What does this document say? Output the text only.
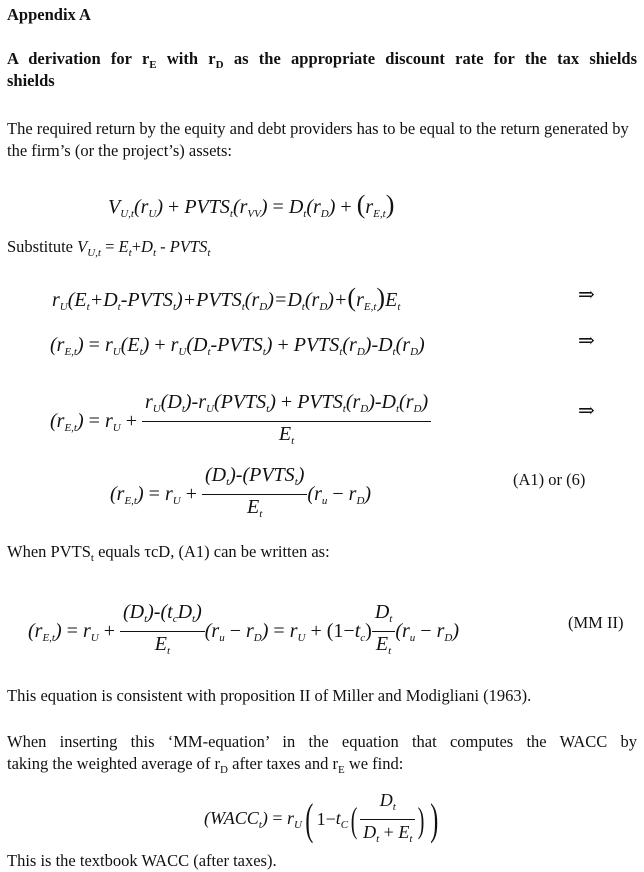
Appendix A
A derivation for $r_E$ with $r_D$ as the appropriate discount rate for the tax shields
shields
The required return by the equity and debt providers has to be equal to the return generated by the firm’s (or the project’s) assets:
$V_{U,t}(r_U)$ + $PVTS_t(r_{VV}) = D_t(r_D) + (r_{E,t})$
Substitute $V_{U,t} = E_t+D_t$ - $PVTS_t$
$r_U(E_t+D_t-PVTS_t)+PVTS_t(r_D)=D_t(r_D)+(r_{E,t})E_t$
⇒
$(r_{E,t}) = r_U(E_t)$ + $r_U(D_t-PVTS_t)$ + $PVTS_t(r_D)-D_t(r_D)$	⇒
$(r_{E,t}) = r_U + \frac{r_U(D_t)-r_U(PVTS_t) + PVTS_t(r_D)-D_t(r_D)}{E_t}$	⇒
$(r_{E,t}) = r_U + \frac{(D_t)-(PVTS_t)}{E_t} (r_u - r_D)$
(A1) or (6)
When $PVTS_t$ equals τcD, (A1) can be written as:
$(r_{E,t}) = r_U + \frac{(D_t)-(t_cD_t)}{E_t} (r_u - r_D) = r_U + (1-t_c) \frac{D_t}{E_t} (r_u - r_D)$	(MM II)
This equation is consistent with proposition II of Miller and Modigliani (1963).
When inserting this ‘MM-equation’ in the equation that computes the WACC by
taking the weighted average of $r_D$ after taxes and $r_E$ we find:
$(WACC_t) = r_U$( $1-t_C( \frac{D_t}{D_t + E_t}$ ) )
This is the textbook WACC (after taxes).
